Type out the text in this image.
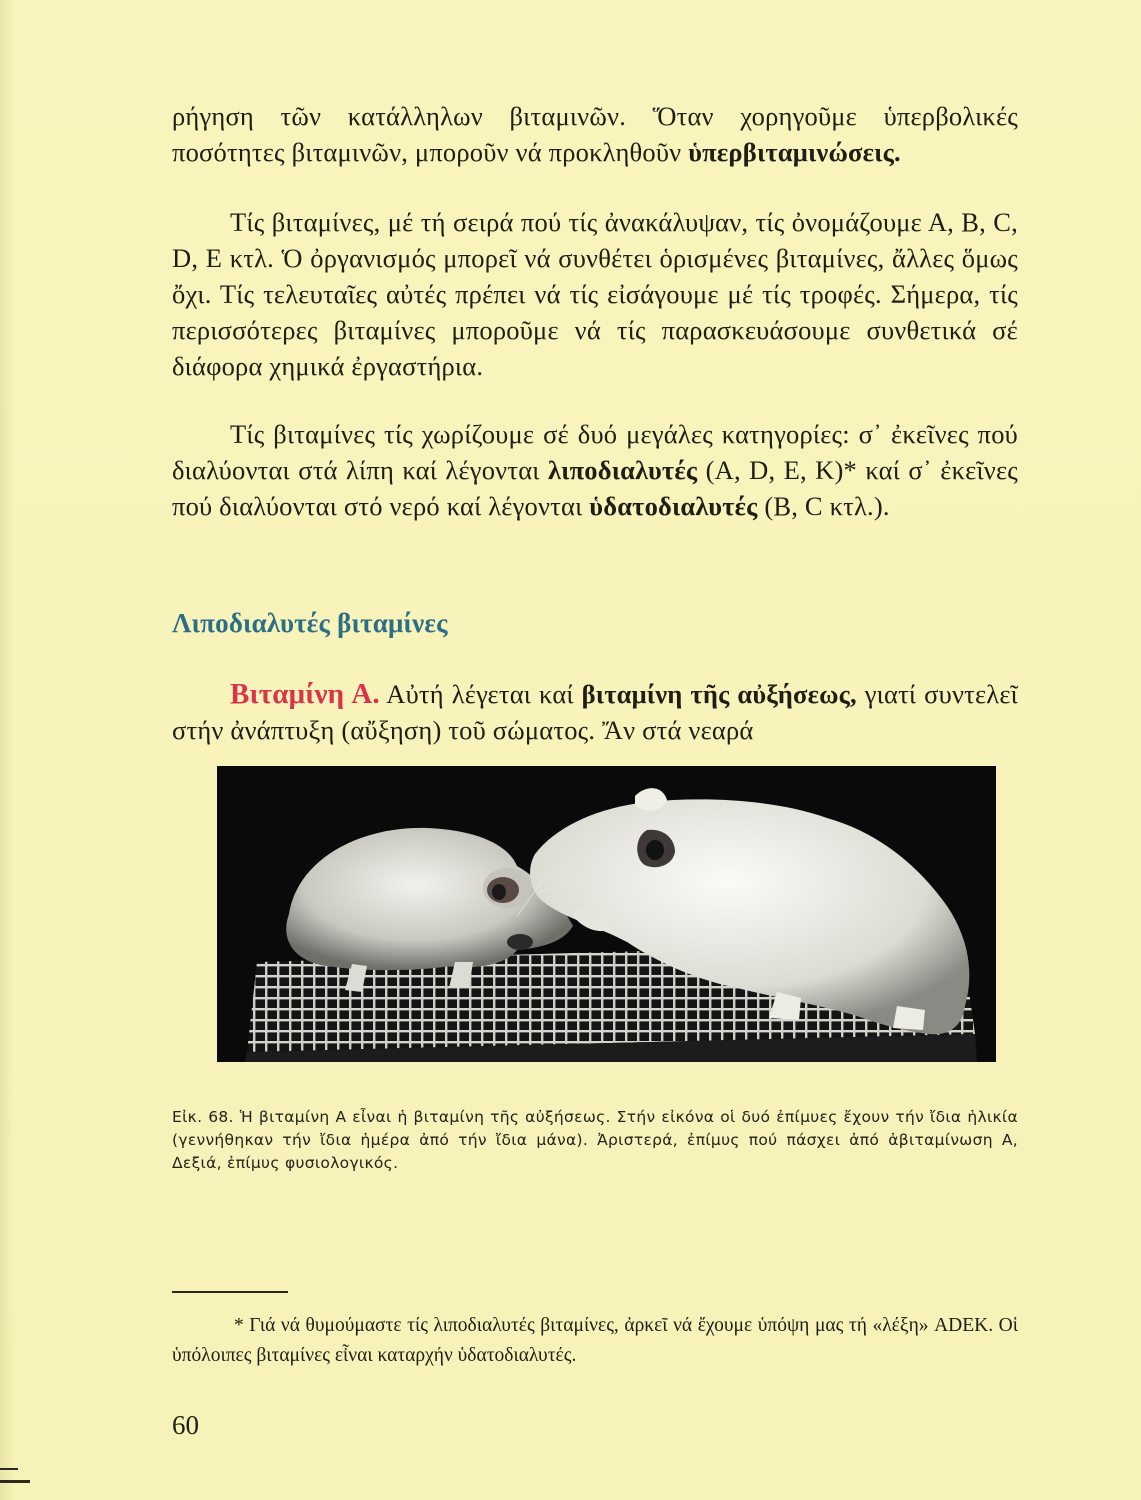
ρήγηση τῶν κατάλληλων βιταμινῶν. Ὅταν χορηγοῦμε ὑπερβολικές ποσότητες βιταμινῶν, μποροῦν νά προκληθοῦν ὑπερβιταμινώσεις.
Τίς βιταμίνες, μέ τή σειρά πού τίς ἀνακάλυψαν, τίς ὀνομάζουμε Α, Β, C, D, Ε κτλ. Ὁ ὀργανισμός μπορεῖ νά συνθέτει ὁρισμένες βιταμίνες, ἄλλες ὅμως ὄχι. Τίς τελευταῖες αὐτές πρέπει νά τίς εἰσάγουμε μέ τίς τροφές. Σήμερα, τίς περισσότερες βιταμίνες μποροῦμε νά τίς παρασκευάσουμε συνθετικά σέ διάφορα χημικά ἐργαστήρια.
Τίς βιταμίνες τίς χωρίζουμε σέ δυό μεγάλες κατηγορίες: σ᾿ ἐκεῖνες πού διαλύονται στά λίπη καί λέγονται λιποδιαλυτές (Α, D, Ε, Κ)* καί σ᾿ ἐκεῖνες πού διαλύονται στό νερό καί λέγονται ὑδατοδιαλυτές (Β, C κτλ.).
Λιποδιαλυτές βιταμίνες
Βιταμίνη Α. Αὐτή λέγεται καί βιταμίνη τῆς αὐξήσεως, γιατί συντελεῖ στήν ἀνάπτυξη (αὔξηση) τοῦ σώματος. Ἄν στά νεαρά
Εἰκ. 68. Ἡ βιταμίνη Α εἶναι ἡ βιταμίνη τῆς αὐξήσεως. Στήν εἰκόνα οἱ δυό ἐπίμυες ἔχουν τήν ἴδια ἡλικία (γεννήθηκαν τήν ἴδια ἡμέρα ἀπό τήν ἴδια μάνα). Ἀριστερά, ἐπίμυς πού πάσχει ἀπό ἀβιταμίνωση Α, Δεξιά, ἐπίμυς φυσιολογικός.
* Γιά νά θυμούμαστε τίς λιποδιαλυτές βιταμίνες, ἀρκεῖ νά ἔχουμε ὑπόψη μας τή «λέξη» ADEK. Οἱ ὑπόλοιπες βιταμίνες εἶναι καταρχήν ὑδατοδιαλυτές.
60
